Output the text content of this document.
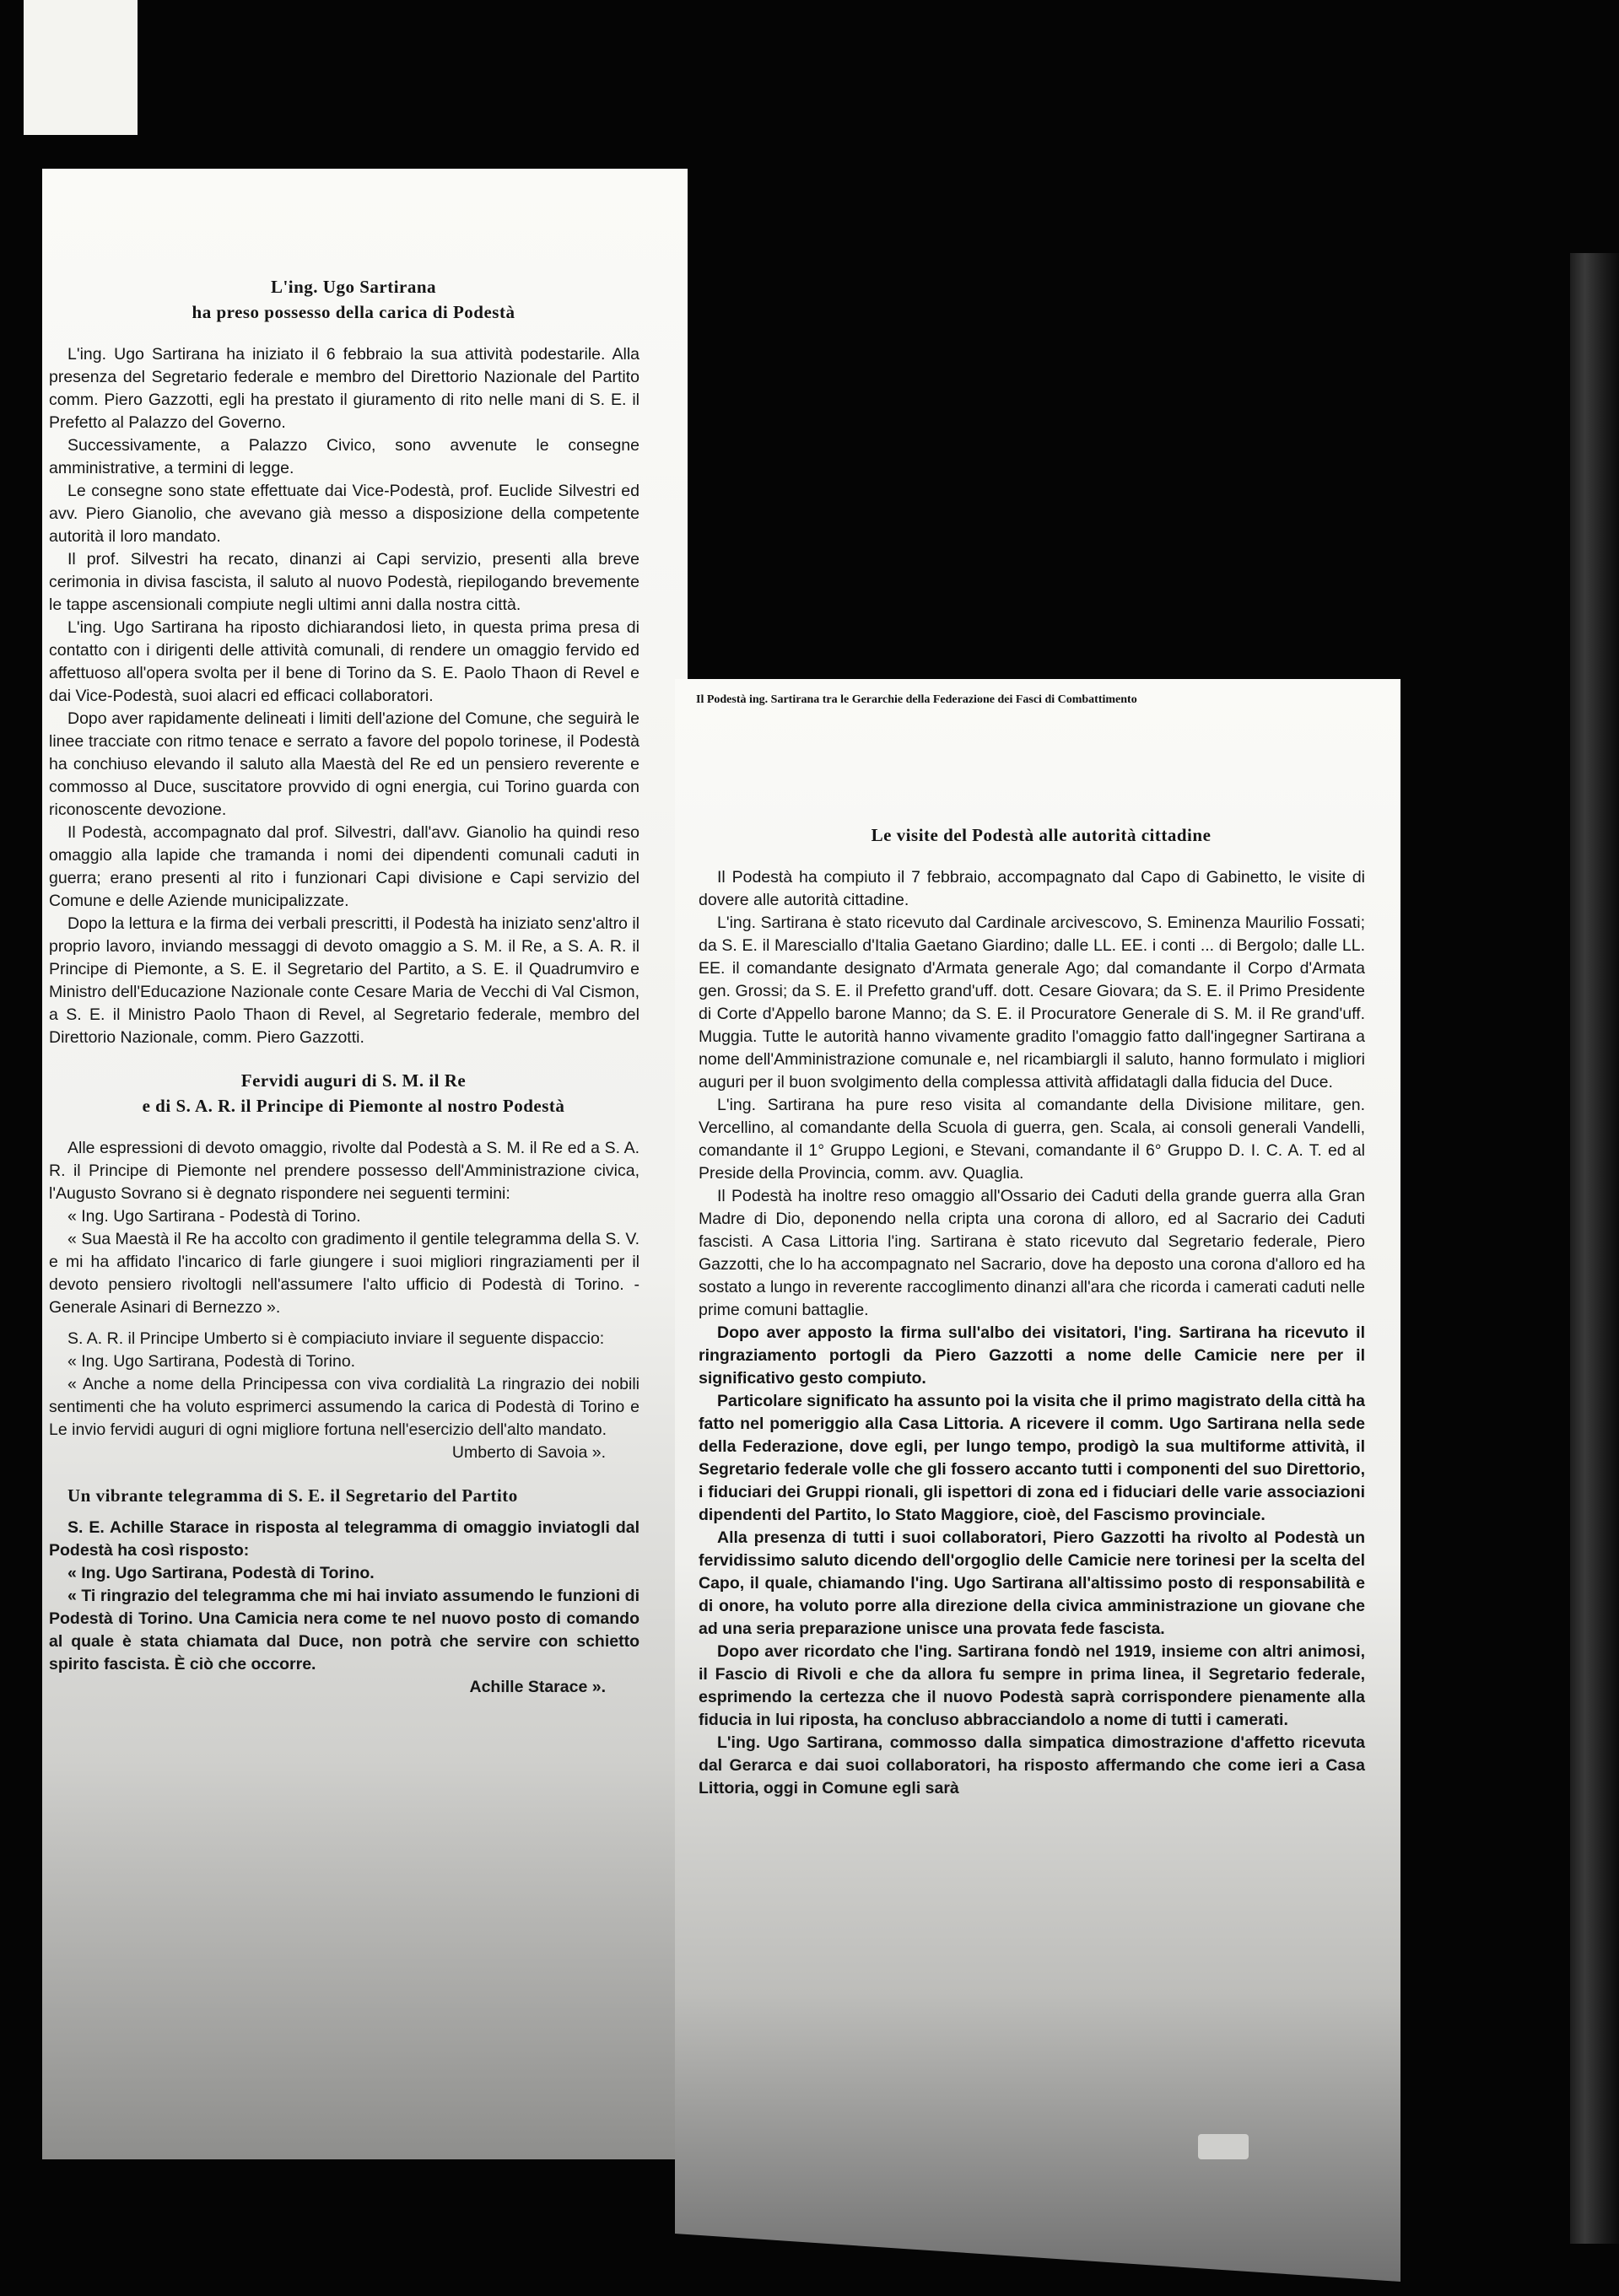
Il Podestà ing. Sartirana tra le Gerarchie della Federazione dei Fasci di Combattimento

L'ing. Ugo Sartirana

ha preso possesso della carica di Podestà

L'ing. Ugo Sartirana ha iniziato il 6 febbraio la sua attività podestarile. Alla presenza del Segretario federale e membro del Direttorio Nazionale del Partito comm. Piero Gazzotti, egli ha prestato il giuramento di rito nelle mani di S. E. il Prefetto al Palazzo del Governo.

Successivamente, a Palazzo Civico, sono avvenute le consegne amministrative, a termini di legge.

Le consegne sono state effettuate dai Vice-Podestà, prof. Euclide Silvestri ed avv. Piero Gianolio, che avevano già messo a disposizione della competente autorità il loro mandato.

Il prof. Silvestri ha recato, dinanzi ai Capi servizio, presenti alla breve cerimonia in divisa fascista, il saluto al nuovo Podestà, riepilogando brevemente le tappe ascensionali compiute negli ultimi anni dalla nostra città.

L'ing. Ugo Sartirana ha riposto dichiarandosi lieto, in questa prima presa di contatto con i dirigenti delle attività comunali, di rendere un omaggio fervido ed affettuoso all'opera svolta per il bene di Torino da S. E. Paolo Thaon di Revel e dai Vice-Podestà, suoi alacri ed efficaci collaboratori.

Dopo aver rapidamente delineati i limiti dell'azione del Comune, che seguirà le linee tracciate con ritmo tenace e serrato a favore del popolo torinese, il Podestà ha conchiuso elevando il saluto alla Maestà del Re ed un pensiero reverente e commosso al Duce, suscitatore provvido di ogni energia, cui Torino guarda con riconoscente devozione.

Il Podestà, accompagnato dal prof. Silvestri, dall'avv. Gianolio ha quindi reso omaggio alla lapide che tramanda i nomi dei dipendenti comunali caduti in guerra; erano presenti al rito i funzionari Capi divisione e Capi servizio del Comune e delle Aziende municipalizzate.

Dopo la lettura e la firma dei verbali prescritti, il Podestà ha iniziato senz'altro il proprio lavoro, inviando messaggi di devoto omaggio a S. M. il Re, a S. A. R. il Principe di Piemonte, a S. E. il Segretario del Partito, a S. E. il Quadrumviro e Ministro dell'Educazione Nazionale conte Cesare Maria de Vecchi di Val Cismon, a S. E. il Ministro Paolo Thaon di Revel, al Segretario federale, membro del Direttorio Nazionale, comm. Piero Gazzotti.

Fervidi auguri di S. M. il Re

e di S. A. R. il Principe di Piemonte al nostro Podestà

Alle espressioni di devoto omaggio, rivolte dal Podestà a S. M. il Re ed a S. A. R. il Principe di Piemonte nel prendere possesso dell'Amministrazione civica, l'Augusto Sovrano si è degnato rispondere nei seguenti termini:

« Ing. Ugo Sartirana - Podestà di Torino.

« Sua Maestà il Re ha accolto con gradimento il gentile telegramma della S. V. e mi ha affidato l'incarico di farle giungere i suoi migliori ringraziamenti per il devoto pensiero rivoltogli nell'assumere l'alto ufficio di Podestà di Torino. - Generale Asinari di Bernezzo ».

S. A. R. il Principe Umberto si è compiaciuto inviare il seguente dispaccio:

« Ing. Ugo Sartirana, Podestà di Torino.

« Anche a nome della Principessa con viva cordialità La ringrazio dei nobili sentimenti che ha voluto esprimerci assumendo la carica di Podestà di Torino e Le invio fervidi auguri di ogni migliore fortuna nell'esercizio dell'alto mandato.

Umberto di Savoia ».

Un vibrante telegramma di S. E. il Segretario del Partito

S. E. Achille Starace in risposta al telegramma di omaggio inviatogli dal Podestà ha così risposto:

« Ing. Ugo Sartirana, Podestà di Torino.

« Ti ringrazio del telegramma che mi hai inviato assumendo le funzioni di Podestà di Torino. Una Camicia nera come te nel nuovo posto di comando al quale è stata chiamata dal Duce, non potrà che servire con schietto spirito fascista. È ciò che occorre.

Achille Starace ».

Le visite del Podestà alle autorità cittadine

Il Podestà ha compiuto il 7 febbraio, accompagnato dal Capo di Gabinetto, le visite di dovere alle autorità cittadine.

L'ing. Sartirana è stato ricevuto dal Cardinale arcivescovo, S. Eminenza Maurilio Fossati; da S. E. il Maresciallo d'Italia Gaetano Giardino; dalle LL. EE. i conti ... di Bergolo; dalle LL. EE. il comandante designato d'Armata generale Ago; dal comandante il Corpo d'Armata gen. Grossi; da S. E. il Prefetto grand'uff. dott. Cesare Giovara; da S. E. il Primo Presidente di Corte d'Appello barone Manno; da S. E. il Procuratore Generale di S. M. il Re grand'uff. Muggia. Tutte le autorità hanno vivamente gradito l'omaggio fatto dall'ingegner Sartirana a nome dell'Amministrazione comunale e, nel ricambiargli il saluto, hanno formulato i migliori auguri per il buon svolgimento della complessa attività affidatagli dalla fiducia del Duce.

L'ing. Sartirana ha pure reso visita al comandante della Divisione militare, gen. Vercellino, al comandante della Scuola di guerra, gen. Scala, ai consoli generali Vandelli, comandante il 1° Gruppo Legioni, e Stevani, comandante il 6° Gruppo D. I. C. A. T. ed al Preside della Provincia, comm. avv. Quaglia.

Il Podestà ha inoltre reso omaggio all'Ossario dei Caduti della grande guerra alla Gran Madre di Dio, deponendo nella cripta una corona di alloro, ed al Sacrario dei Caduti fascisti. A Casa Littoria l'ing. Sartirana è stato ricevuto dal Segretario federale, Piero Gazzotti, che lo ha accompagnato nel Sacrario, dove ha deposto una corona d'alloro ed ha sostato a lungo in reverente raccoglimento dinanzi all'ara che ricorda i camerati caduti nelle prime comuni battaglie.

Dopo aver apposto la firma sull'albo dei visitatori, l'ing. Sartirana ha ricevuto il ringraziamento portogli da Piero Gazzotti a nome delle Camicie nere per il significativo gesto compiuto.

Particolare significato ha assunto poi la visita che il primo magistrato della città ha fatto nel pomeriggio alla Casa Littoria. A ricevere il comm. Ugo Sartirana nella sede della Federazione, dove egli, per lungo tempo, prodigò la sua multiforme attività, il Segretario federale volle che gli fossero accanto tutti i componenti del suo Direttorio, i fiduciari dei Gruppi rionali, gli ispettori di zona ed i fiduciari delle varie associazioni dipendenti del Partito, lo Stato Maggiore, cioè, del Fascismo provinciale.

Alla presenza di tutti i suoi collaboratori, Piero Gazzotti ha rivolto al Podestà un fervidissimo saluto dicendo dell'orgoglio delle Camicie nere torinesi per la scelta del Capo, il quale, chiamando l'ing. Ugo Sartirana all'altissimo posto di responsabilità e di onore, ha voluto porre alla direzione della civica amministrazione un giovane che ad una seria preparazione unisce una provata fede fascista.

Dopo aver ricordato che l'ing. Sartirana fondò nel 1919, insieme con altri animosi, il Fascio di Rivoli e che da allora fu sempre in prima linea, il Segretario federale, esprimendo la certezza che il nuovo Podestà saprà corrispondere pienamente alla fiducia in lui riposta, ha concluso abbracciandolo a nome di tutti i camerati.

L'ing. Ugo Sartirana, commosso dalla simpatica dimostrazione d'affetto ricevuta dal Gerarca e dai suoi collaboratori, ha risposto affermando che come ieri a Casa Littoria, oggi in Comune egli sarà
